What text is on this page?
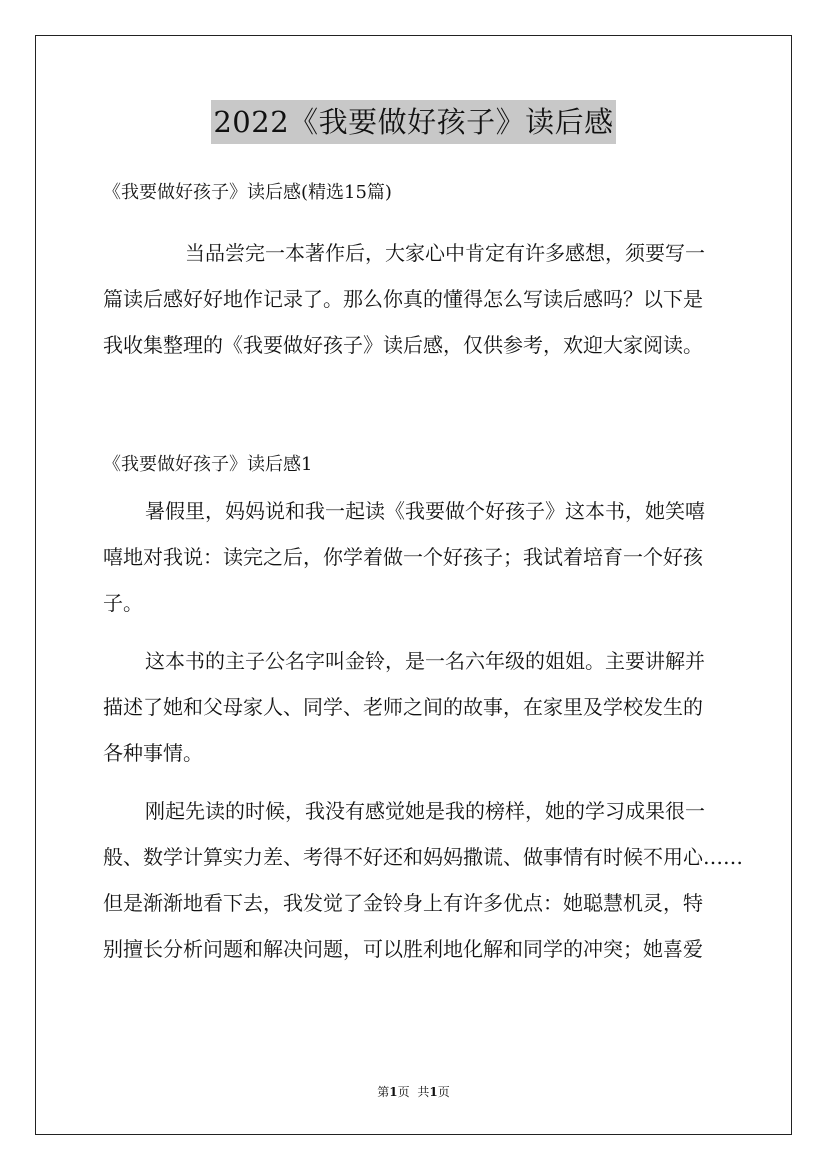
2022《我要做好孩子》读后感
《我要做好孩子》读后感(精选15篇)
当品尝完一本著作后，大家心中肯定有许多感想，须要写一
篇读后感好好地作记录了。那么你真的懂得怎么写读后感吗？以下是
我收集整理的《我要做好孩子》读后感，仅供参考，欢迎大家阅读。
《我要做好孩子》读后感1
暑假里，妈妈说和我一起读《我要做个好孩子》这本书，她笑嘻
嘻地对我说：读完之后，你学着做一个好孩子；我试着培育一个好孩
子。
这本书的主子公名字叫金铃，是一名六年级的姐姐。主要讲解并
描述了她和父母家人、同学、老师之间的故事，在家里及学校发生的
各种事情。
刚起先读的时候，我没有感觉她是我的榜样，她的学习成果很一
般、数学计算实力差、考得不好还和妈妈撒谎、做事情有时候不用心……
但是渐渐地看下去，我发觉了金铃身上有许多优点：她聪慧机灵，特
别擅长分析问题和解决问题，可以胜利地化解和同学的冲突；她喜爱
第1页 共1页
